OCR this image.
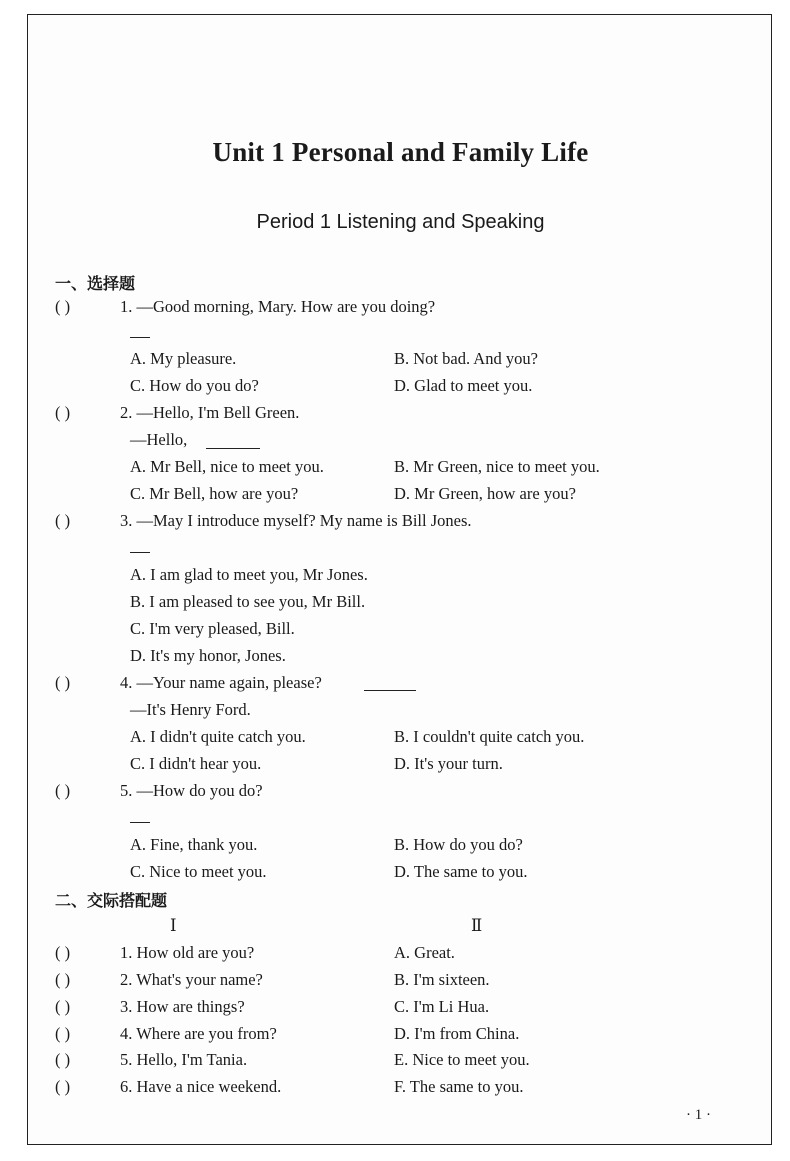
Unit 1 Personal and Family Life
Period 1 Listening and Speaking
一、选择题
( )	1. —Good morning, Mary. How are you doing?
A. My pleasure.	B. Not bad. And you?
C. How do you do?	D. Glad to meet you.
( )	2. —Hello, I'm Bell Green.
—Hello,
A. Mr Bell, nice to meet you.	B. Mr Green, nice to meet you.
C. Mr Bell, how are you?	D. Mr Green, how are you?
( )	3. —May I introduce myself? My name is Bill Jones.
A. I am glad to meet you, Mr Jones.
B. I am pleased to see you, Mr Bill.
C. I'm very pleased, Bill.
D. It's my honor, Jones.
( )	4. —Your name again, please?
—It's Henry Ford.
A. I didn't quite catch you.	B. I couldn't quite catch you.
C. I didn't hear you.	D. It's your turn.
( )	5. —How do you do?
A. Fine, thank you.	B. How do you do?
C. Nice to meet you.	D. The same to you.
二、交际搭配题
Ⅰ	Ⅱ
( )	1. How old are you?	A. Great.
( )	2. What's your name?	B. I'm sixteen.
( )	3. How are things?	C. I'm Li Hua.
( )	4. Where are you from?	D. I'm from China.
( )	5. Hello, I'm Tania.	E. Nice to meet you.
( )	6. Have a nice weekend.	F. The same to you.
· 1 ·
